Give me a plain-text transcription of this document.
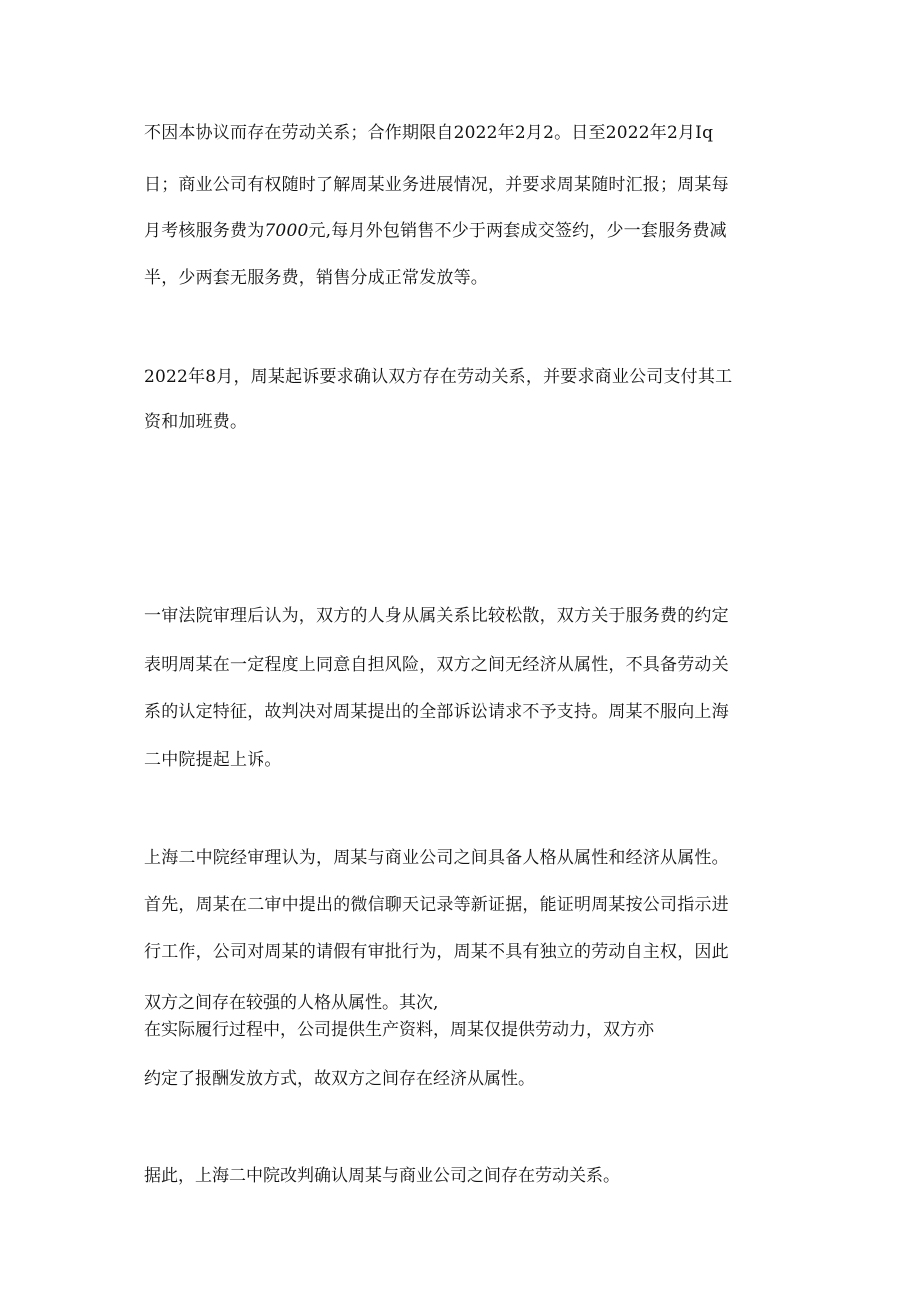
不因本协议而存在劳动关系；合作期限自2022年2月2。日至2022年2月Iq
日；商业公司有权随时了解周某业务进展情况，并要求周某随时汇报；周某每
月考核服务费为7000元,每月外包销售不少于两套成交签约，少一套服务费减
半，少两套无服务费，销售分成正常发放等。
2022年8月，周某起诉要求确认双方存在劳动关系，并要求商业公司支付其工
资和加班费。
一审法院审理后认为，双方的人身从属关系比较松散，双方关于服务费的约定
表明周某在一定程度上同意自担风险，双方之间无经济从属性，不具备劳动关
系的认定特征，故判决对周某提出的全部诉讼请求不予支持。周某不服向上海
二中院提起上诉。
上海二中院经审理认为，周某与商业公司之间具备人格从属性和经济从属性。
首先，周某在二审中提出的微信聊天记录等新证据，能证明周某按公司指示进
行工作，公司对周某的请假有审批行为，周某不具有独立的劳动自主权，因此
双方之间存在较强的人格从属性。其次,
在实际履行过程中，公司提供生产资料，周某仅提供劳动力，双方亦
约定了报酬发放方式，故双方之间存在经济从属性。
据此，上海二中院改判确认周某与商业公司之间存在劳动关系。
